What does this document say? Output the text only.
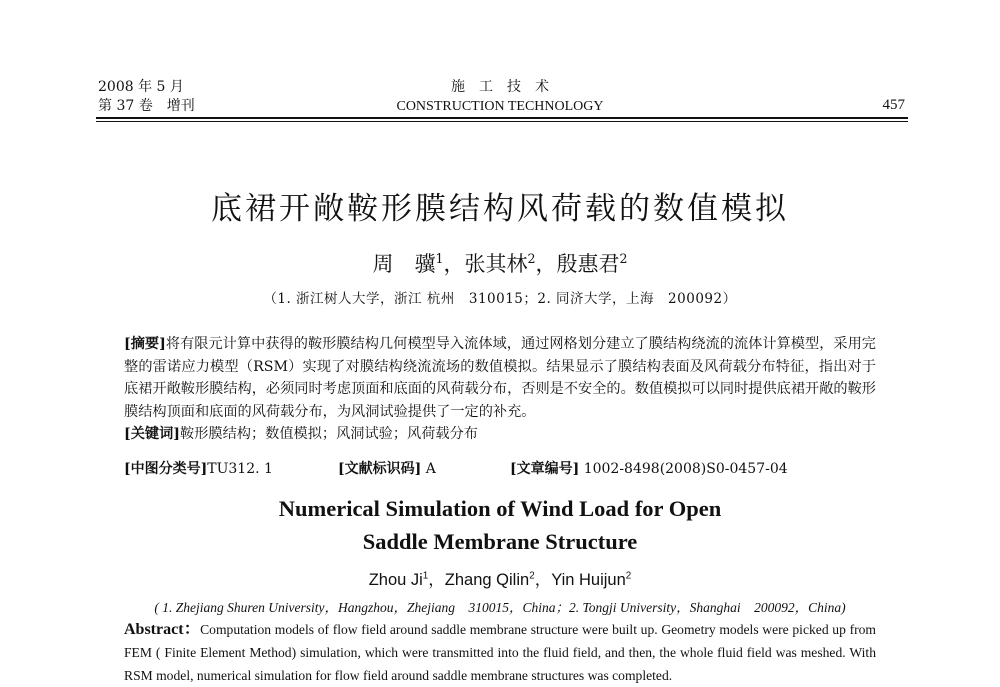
2008 年 5 月
第 37 卷　增刊
施工技术
CONSTRUCTION TECHNOLOGY	457
底裙开敞鞍形膜结构风荷载的数值模拟
周　骥$^1$，张其林$^2$，殷惠君$^2$
（1. 浙江树人大学，浙江 杭州　310015；2. 同济大学，上海　200092）
[摘要]将有限元计算中获得的鞍形膜结构几何模型导入流体域，通过网格划分建立了膜结构绕流的流体计算模型，采用完整的雷诺应力模型（RSM）实现了对膜结构绕流流场的数值模拟。结果显示了膜结构表面及风荷载分布特征，指出对于底裙开敞鞍形膜结构，必须同时考虑顶面和底面的风荷载分布，否则是不安全的。数值模拟可以同时提供底裙开敞的鞍形膜结构顶面和底面的风荷载分布，为风洞试验提供了一定的补充。
[关键词]鞍形膜结构；数值模拟；风洞试验；风荷载分布
[中图分类号]TU312. 1	[文献标识码] A	[文章编号] 1002-8498(2008)S0-0457-04
Numerical Simulation of Wind Load for Open
Saddle Membrane Structure
Zhou Ji$^1$，Zhang Qilin$^2$，Yin Huijun$^2$
( 1. Zhejiang Shuren University，Hangzhou，Zhejiang　310015，China；2. Tongji University，Shanghai　200092，China)
Abstract：Computation models of flow field around saddle membrane structure were built up. Geometry models were picked up from FEM ( Finite Element Method) simulation, which were transmitted into the fluid field, and then, the whole fluid field was meshed. With RSM model, numerical simulation for flow field around saddle membrane structures was completed.
